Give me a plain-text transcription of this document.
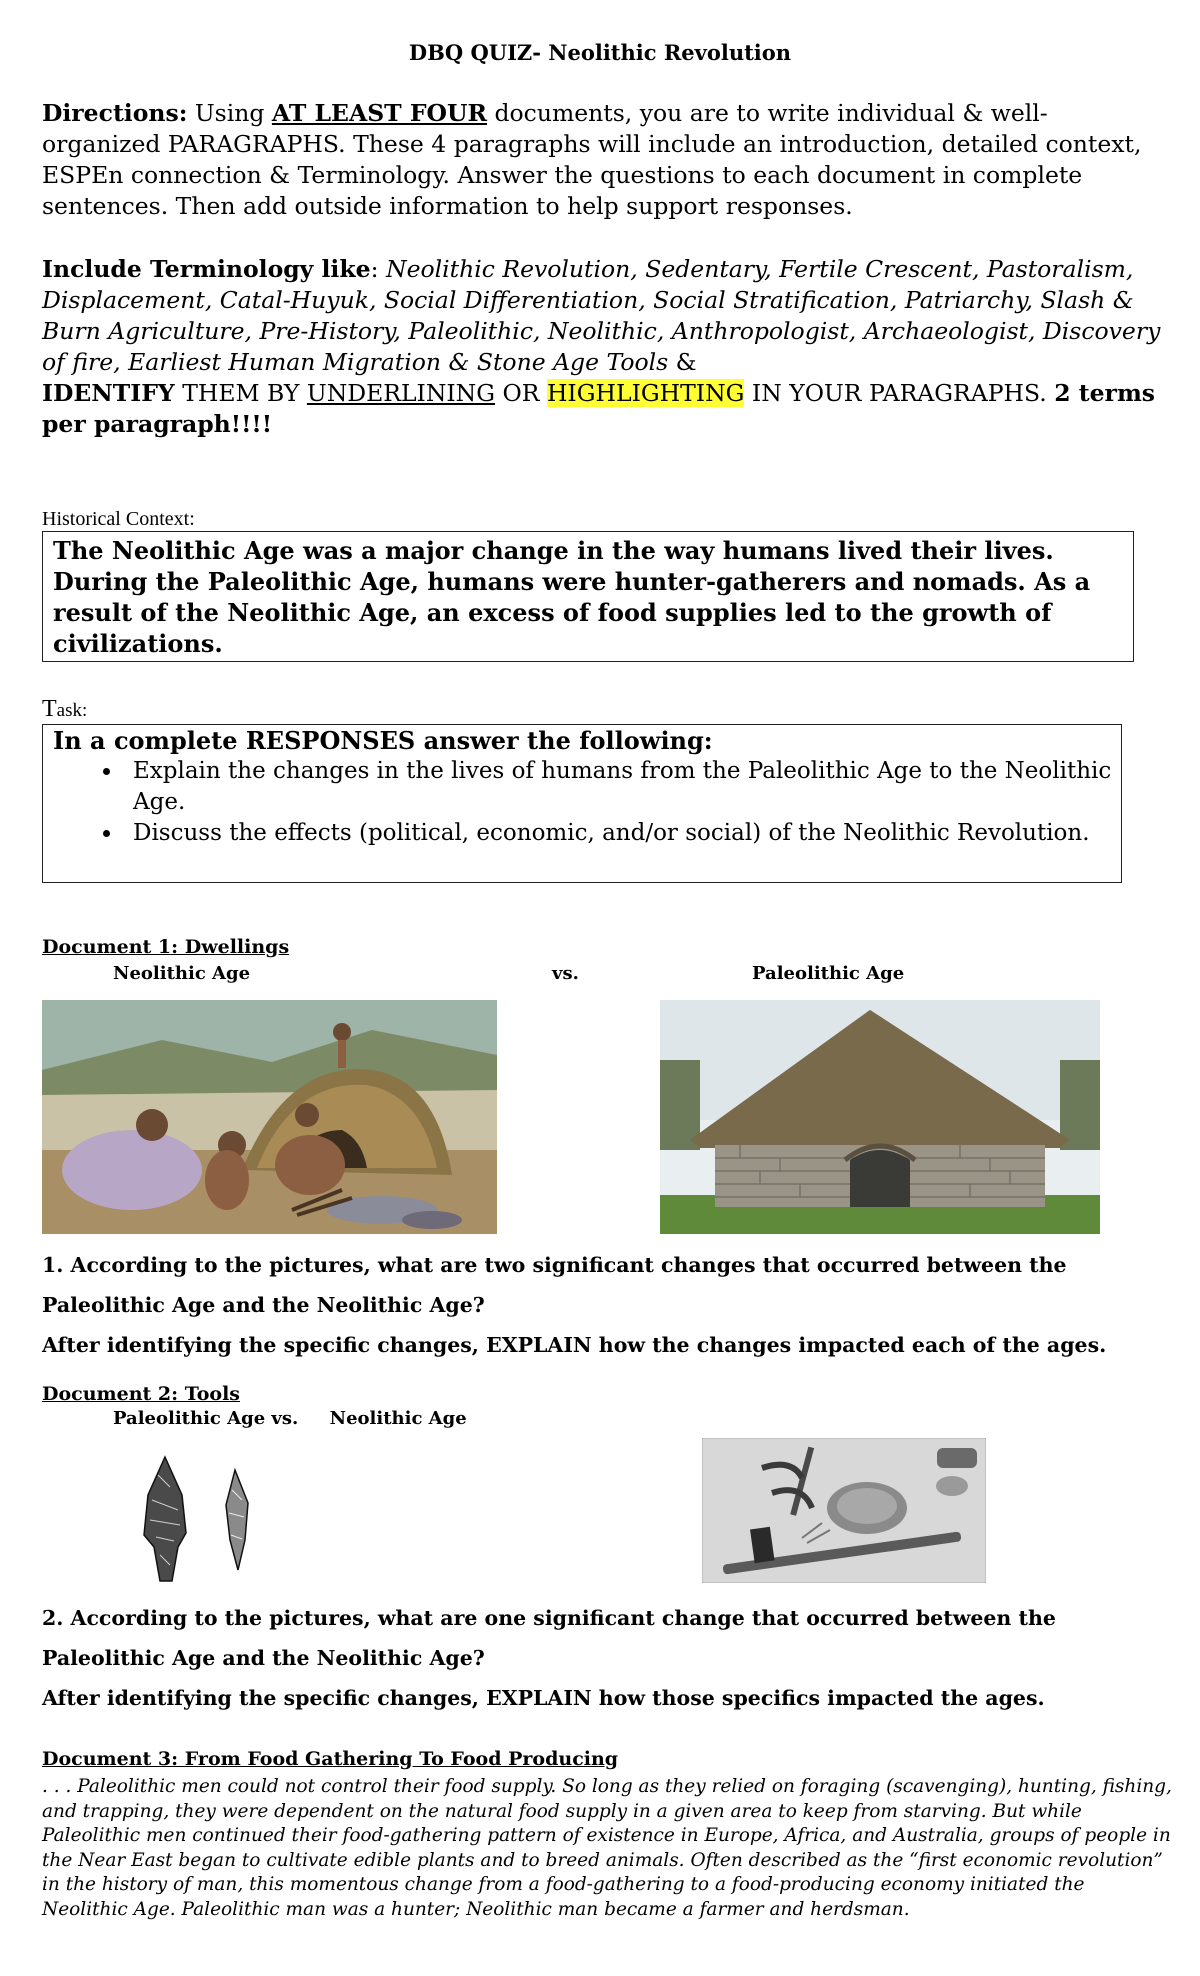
DBQ QUIZ- Neolithic Revolution
Directions: Using AT LEAST FOUR documents, you are to write individual & well-organized PARAGRAPHS. These 4 paragraphs will include an introduction, detailed context, ESPEn connection & Terminology. Answer the questions to each document in complete sentences. Then add outside information to help support responses.
Include Terminology like: Neolithic Revolution, Sedentary, Fertile Crescent, Pastoralism, Displacement, Catal-Huyuk, Social Differentiation, Social Stratification, Patriarchy, Slash & Burn Agriculture, Pre-History, Paleolithic, Neolithic, Anthropologist, Archaeologist, Discovery of fire, Earliest Human Migration & Stone Age Tools &
IDENTIFY THEM BY UNDERLINING OR HIGHLIGHTING IN YOUR PARAGRAPHS. 2 terms per paragraph!!!!
Historical Context:
The Neolithic Age was a major change in the way humans lived their lives. During the Paleolithic Age, humans were hunter-gatherers and nomads. As a result of the Neolithic Age, an excess of food supplies led to the growth of civilizations.
Task:
In a complete RESPONSES answer the following:
• Explain the changes in the lives of humans from the Paleolithic Age to the Neolithic Age.
• Discuss the effects (political, economic, and/or social) of the Neolithic Revolution.
Document 1: Dwellings
Neolithic Age	vs.	Paleolithic Age
1. According to the pictures, what are two significant changes that occurred between the
Paleolithic Age and the Neolithic Age?
After identifying the specific changes, EXPLAIN how the changes impacted each of the ages.
Document 2: Tools
Paleolithic Age vs.     Neolithic Age
2. According to the pictures, what are one significant change that occurred between the
Paleolithic Age and the Neolithic Age?
After identifying the specific changes, EXPLAIN how those specifics impacted the ages.
Document 3: From Food Gathering To Food Producing
. . . Paleolithic men could not control their food supply. So long as they relied on foraging (scavenging), hunting, fishing, and trapping, they were dependent on the natural food supply in a given area to keep from starving. But while Paleolithic men continued their food-gathering pattern of existence in Europe, Africa, and Australia, groups of people in the Near East began to cultivate edible plants and to breed animals. Often described as the “first economic revolution” in the history of man, this momentous change from a food-gathering to a food-producing economy initiated the Neolithic Age. Paleolithic man was a hunter; Neolithic man became a farmer and herdsman.
